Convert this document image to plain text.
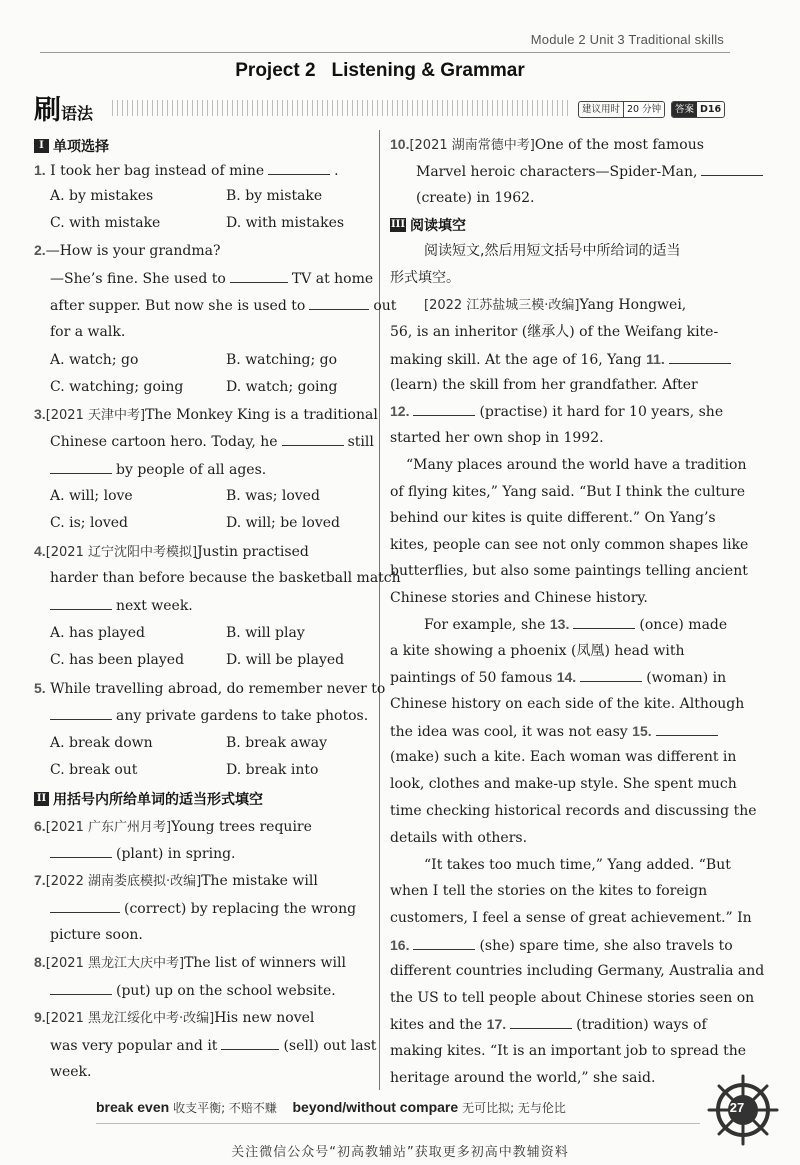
Module 2 Unit 3 Traditional skills
Project 2 Listening & Grammar
刷语法	建议用时 20 分钟	答案 D16
I 单项选择
1. I took her bag instead of mine	.
A. by mistakes	B. by mistake
C. with mistake	D. with mistakes
2.—How is your grandma?
—She’s fine. She used to	TV at home
after supper. But now she is used to	out
for a walk.
A. watch; go	B. watching; go
C. watching; going	D. watch; going
3.[2021 天津中考]The Monkey King is a traditional
Chinese cartoon hero. Today, he	still
by people of all ages.
A. will; love	B. was; loved
C. is; loved	D. will; be loved
4.[2021 辽宁沈阳中考模拟]Justin practised
harder than before because the basketball match
next week.
A. has played	B. will play
C. has been played	D. will be played
5. While travelling abroad, do remember never to
any private gardens to take photos.
A. break down	B. break away
C. break out	D. break into
II 用括号内所给单词的适当形式填空
6.[2021 广东广州月考]Young trees require
(plant) in spring.
7.[2022 湖南娄底模拟·改编]The mistake will
(correct) by replacing the wrong
picture soon.
8.[2021 黑龙江大庆中考]The list of winners will
(put) up on the school website.
9.[2021 黑龙江绥化中考·改编]His new novel
was very popular and it	(sell) out last
week.
10.[2021 湖南常德中考]One of the most famous
Marvel heroic characters—Spider-Man,
(create) in 1962.
III 阅读填空
阅读短文,然后用短文括号中所给词的适当
形式填空。
[2022 江苏盐城三模·改编]Yang Hongwei,
56, is an inheritor (继承人) of the Weifang kite-
making skill. At the age of 16, Yang 11.
(learn) the skill from her grandfather. After
12.	(practise) it hard for 10 years, she
started her own shop in 1992.
“Many places around the world have a tradition
of flying kites,” Yang said. “But I think the culture
behind our kites is quite different.” On Yang’s
kites, people can see not only common shapes like
butterflies, but also some paintings telling ancient
Chinese stories and Chinese history.
For example, she 13.	(once) made
a kite showing a phoenix (凤凰) head with
paintings of 50 famous 14.	(woman) in
Chinese history on each side of the kite. Although
the idea was cool, it was not easy 15.
(make) such a kite. Each woman was different in
look, clothes and make-up style. She spent much
time checking historical records and discussing the
details with others.
“It takes too much time,” Yang added. “But
when I tell the stories on the kites to foreign
customers, I feel a sense of great achievement.” In
16.	(she) spare time, she also travels to
different countries including Germany, Australia and
the US to tell people about Chinese stories seen on
kites and the 17.	(tradition) ways of
making kites. “It is an important job to spread the
heritage around the world,” she said.
break even 收支平衡; 不赔不赚 beyond/without compare 无可比拟; 无与伦比	27
关注微信公众号“初高教辅站”获取更多初高中教辅资料
